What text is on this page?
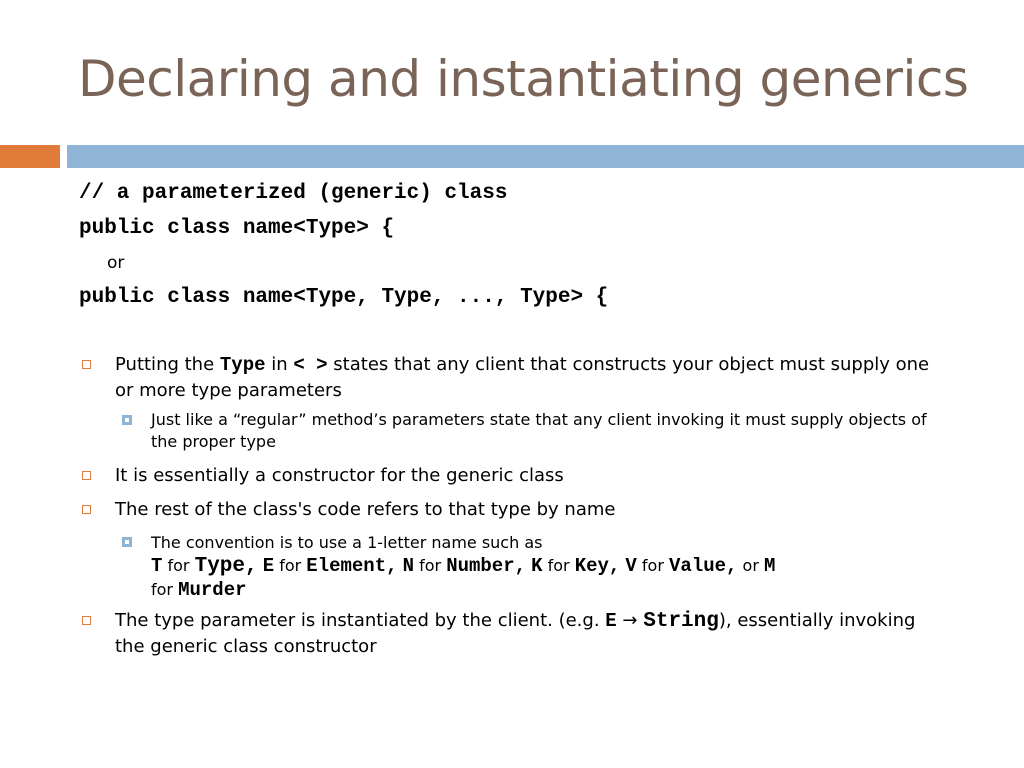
Declaring and instantiating generics
// a parameterized (generic) class
public class name<Type> {
or
public class name<Type, Type, ..., Type> {
Putting the Type in < > states that any client that constructs your object must supply one or more type parameters
Just like a “regular” method’s parameters state that any client invoking it must supply objects of the proper type
It is essentially a constructor for the generic class
The rest of the class's code refers to that type by name
The convention is to use a 1-letter name such as
T for Type, E for Element, N for Number, K for Key, V for Value, or M
for Murder
The type parameter is instantiated by the client. (e.g. E → String), essentially invoking the generic class constructor
